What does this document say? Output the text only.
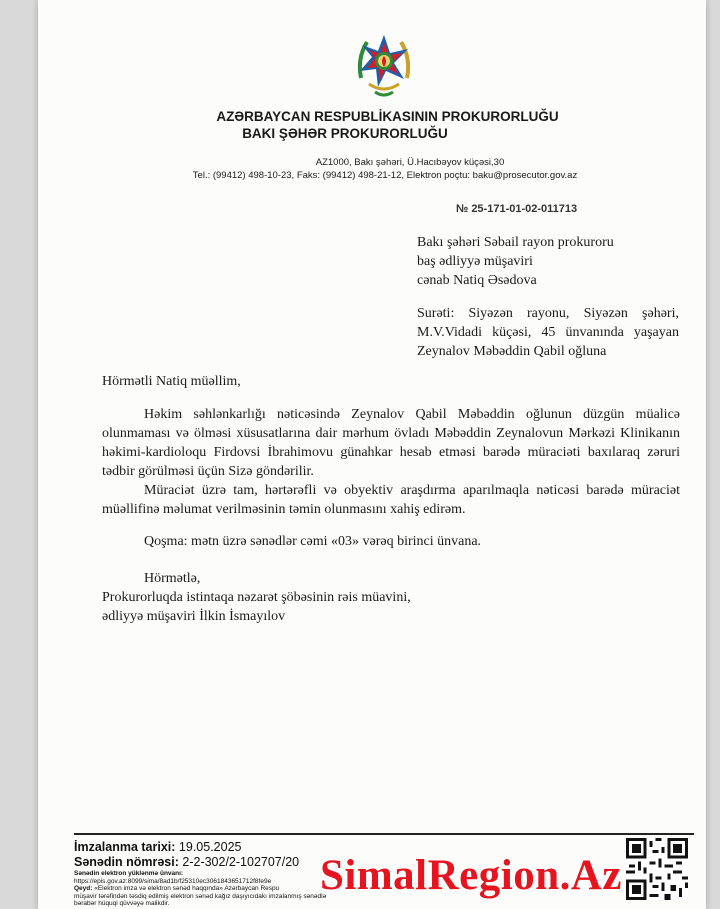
AZƏRBAYCAN RESPUBLİKASININ PROKURORLUĞU
BAKI ŞƏHƏR PROKURORLUĞU
AZ1000, Bakı şəhəri, Ü.Hacıbəyov küçəsi,30
Tel.: (99412) 498-10-23, Faks: (99412) 498-21-12, Elektron poçtu: baku@prosecutor.gov.az
№ 25-171-01-02-011713
Bakı şəhəri Səbail rayon prokuroru
baş ədliyyə müşaviri
cənab Natiq Əsədova
Surəti: Siyəzən rayonu, Siyəzən şəhəri,
M.V.Vidadi küçəsi, 45 ünvanında yaşayan
Zeynalov Məbəddin Qabil oğluna
Hörmətli Natiq müəllim,

Həkim səhlənkarlığı nəticəsində Zeynalov Qabil Məbəddin oğlunun düzgün müalicə olunmaması və ölməsi xüsusatlarına dair mərhum övladı Məbəddin Zeynalovun Mərkəzi Klinikanın həkimi-kardioloqu Firdovsi İbrahimovu günahkar hesab etməsi barədə müraciəti baxılaraq zəruri tədbir görülməsi üçün Sizə göndərilir.

Müraciət üzrə tam, hərtərəfli və obyektiv araşdırma aparılmaqla nəticəsi barədə müraciət müəllifinə məlumat verilməsinin təmin olunmasını xahiş edirəm.

Qoşma: mətn üzrə sənədlər cəmi «03» vərəq birinci ünvana.
Hörmətlə,
Prokurorluqda istintaqa nəzarət şöbəsinin rəis müavini,
ədliyyə müşaviri İlkin İsmayılov
İmzalanma tarixi: 19.05.2025
Sənədin nömrəsi: 2-2-302/2-102707/20
Sənədin elektron yüklənmə ünvanı:
https://epis.gov.az:8099/sima/8ad1b/f25310ec3061843651712f8fe9e
Qeyd: «Elektron imza və elektron sənəd haqqında» Azərbaycan Respu
müşavir tərəfindən təsdiq edilmiş elektron sənəd kağız daşıyıcıdakı imzalanmış sənədlə
bərabər hüquqi qüvvəyə malikdir.
SimalRegion.Az
